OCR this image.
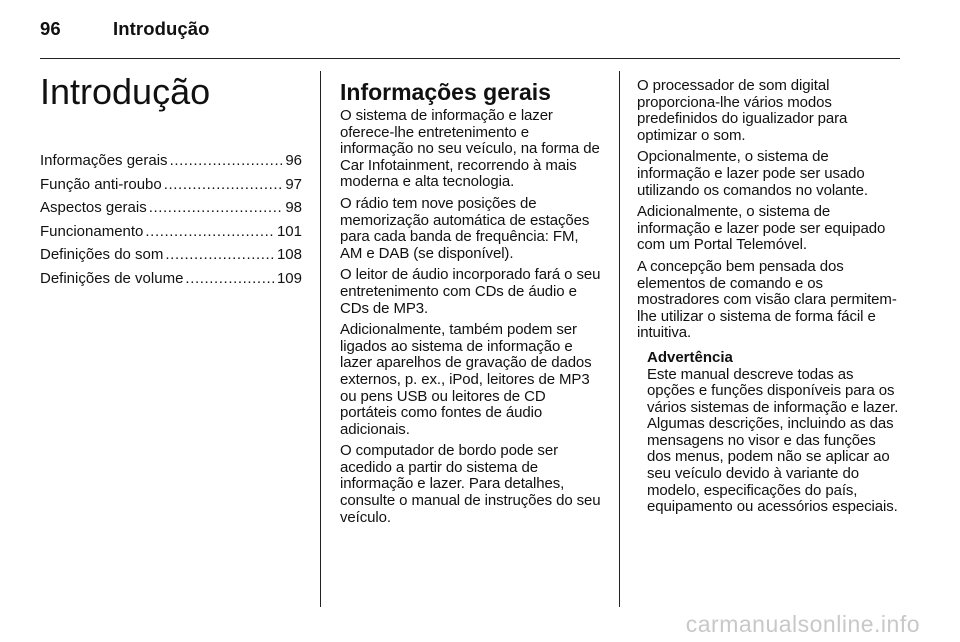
96	Introdução
Introdução
Informações gerais .....	96
Função anti-roubo .....	97
Aspectos gerais .....	98
Funcionamento .....	101
Definições do som .....	108
Definições de volume .....	109
Informações gerais

O sistema de informação e lazer oferece-lhe entretenimento e informação no seu veículo, na forma de Car Infotainment, recorrendo à mais moderna e alta tecnologia.

O rádio tem nove posições de memorização automática de estações para cada banda de frequência: FM, AM e DAB (se disponível).

O leitor de áudio incorporado fará o seu entretenimento com CDs de áudio e CDs de MP3.

Adicionalmente, também podem ser ligados ao sistema de informação e lazer aparelhos de gravação de dados externos, p. ex., iPod, leitores de MP3 ou pens USB ou leitores de CD portáteis como fontes de áudio adicionais.

O computador de bordo pode ser acedido a partir do sistema de informação e lazer. Para detalhes, consulte o manual de instruções do seu veículo.

O processador de som digital proporciona-lhe vários modos predefinidos do igualizador para optimizar o som.

Opcionalmente, o sistema de informação e lazer pode ser usado utilizando os comandos no volante.

Adicionalmente, o sistema de informação e lazer pode ser equipado com um Portal Telemóvel.

A concepção bem pensada dos elementos de comando e os mostradores com visão clara permitem-lhe utilizar o sistema de forma fácil e intuitiva.

Advertência

Este manual descreve todas as opções e funções disponíveis para os vários sistemas de informação e lazer. Algumas descrições, incluindo as das mensagens no visor e das funções dos menus, podem não se aplicar ao seu veículo devido à variante do modelo, especificações do país, equipamento ou acessórios especiais.

carmanualsonline.info
